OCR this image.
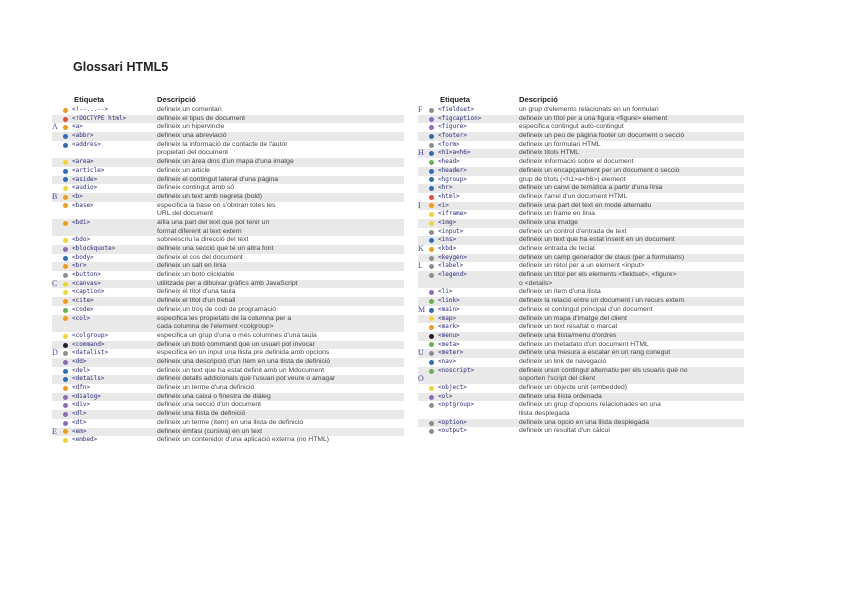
Glossari HTML5
Etiqueta	Descripció
<!--...-->	defineix un comentari
<!DOCTYPE html>	defineix el tipus de document
A <a>	defineix un hipervincle
<abbr>	defineix una abreviació
<addres>	defineix la informació de contacte de l'autor
propietari del document
<area>	defineix un àrea dins d'un mapa d'una imatge
<article>	defineix un article
<aside>	defineix el contingut lateral d'una pàgina
<audio>	defineix contingut amb só
B <b>	defineix un text amb negreta (bold)
<base>	especifica la base on s'obriran totes les
URL del document
<bdi>	aïlla una part del text que pot tenir un
format diferent al text extern
<bdo>	sobreescriu la direcció del text
<blockquote>	defineix una secció que te un altra font
<body>	defineix el cos del document
<br>	defineix un salt en línia
<button>	defineix un botó clicklable
C <canvas>	utilitzada per a dibuixar gràfics amb JavaScript
<caption>	defineix el títol d'una taula
<cite>	defineix el títol d'un treball
<code>	defineix un troç de codi de programació
<col>	especifica les propietats de la columna per a
cada columna de l'element <colgroup>
<colgroup>	especifica un grup d'una o més columnes d'una taula
<command>	defineix un botó command que un usuari pot invocar
D <datalist>	especifica en un input una llista pre definida amb opcions
<dd>	defineix una descripció d'un ítem en una llista de definició
<del>	defineix un text que ha estat definit amb un Mdocument
<details>	defineix detalls addicionals què l'usuari pot veure o amagar
<dfn>	defineix un terme d'una definició
<dialog>	defineix una caixa o finestra de diàleg
<div>	defineix una secció d'un document
<dl>	defineix una llista de definició
<dt>	defineix un terme (ítem) en una llista de definició
E	<em>	defineix èmfasi (cursiva) en un text
<embed>	defineix un contenidor d'una aplicació externa (no HTML)
Etiqueta	Descripció
F	<fieldset>	un grup d'elements relacionats en un formulari
<figcaption>	defineix un títol per a una figura <figure> element
<figure>	especifica contingut auto-contingut
<footer>	defineix un peu de pàgina footer un document o secció
<form>	defineix un formulari HTML
H <h1>a<h6>	defineix títols HTML
<head>	defineix informació sobre el document
<header>	defineix un encapçalament per un document o secció
<hgroup>	grup de títols (<h1>a<h6>) element
<hr>	defineix un canvi de temàtica a partir d'una línia
<html>	defineix l'arrel d'un document HTML
I	<i>	defineix una part del text en mode alternatiu
<iframe>	defineix un frame en línia
<img>	defineix una imatge
<input>	defineix un control d'entrada de text
<ins>	defineix un text que ha estat inserit en un document
K <kbd>	defineix entrada de teclat
<keygen>	defineix un camp generador de claus (per a formularis)
L	<label>	defineix un rètol per a un element <input>
<legend>	defineix un títol per els elements <fieldset>, <figure>
o <details>
<li>	defineix un ítem d'una llista
<link>	defineix la relació entre un document i un recurs extern
M <main>	defineix el contingut principal d'un document
<map>	defineix un mapa d'imatge del client
<mark>	defineix un text resaltat o marcat
<menu>	defineix una llista/menu d'ordres
<meta>	defineix un metadato d'un document HTML
<meter>	defineix una mesura a escalar en un rang conegut
U
<nav>	defineix un link de navegació
<noscript>	defineix unun contingut alternatiu per els usuaris què no
soporten l'script del client
O
<object>	defineix un objecte unit (embedded)
<ol>	defineix una llista ordenada
<optgroup>	defineix un grup d'opcions relacionades en una
llista desplegada
<option>	defineix una opció en una llista desplegada
<output>	defineix un resultat d'un càlcul
